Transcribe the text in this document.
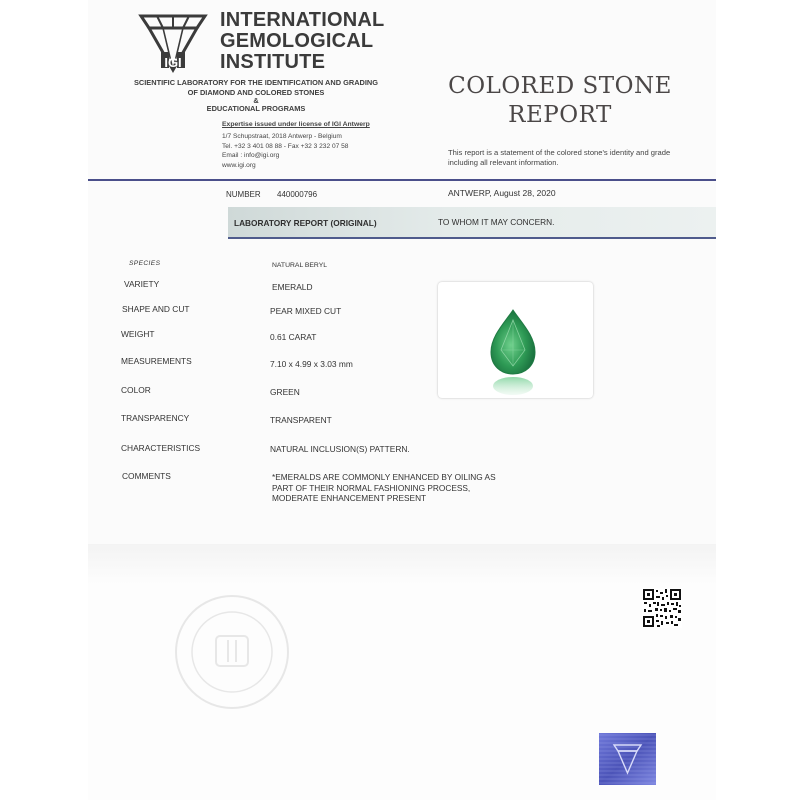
IGI
INTERNATIONAL
GEMOLOGICAL
INSTITUTE
SCIENTIFIC LABORATORY FOR THE IDENTIFICATION AND GRADING
OF DIAMOND AND COLORED STONES
&
EDUCATIONAL PROGRAMS
Expertise issued under license of IGI Antwerp
1/7 Schupstraat, 2018 Antwerp - Belgium
Tel. +32 3 401 08 88 - Fax +32 3 232 07 58
Email : info@igi.org
www.igi.org
COLORED STONE
REPORT
This report is a statement of the colored stone's identity and grade including all relevant information.
NUMBER 440000796	ANTWERP, August 28, 2020
LABORATORY REPORT (ORIGINAL)	TO WHOM IT MAY CONCERN.
SPECIES	NATURAL BERYL
VARIETY	EMERALD
SHAPE AND CUT	PEAR MIXED CUT
WEIGHT	0.61 CARAT
MEASUREMENTS	7.10 x 4.99 x 3.03 mm
COLOR	GREEN
TRANSPARENCY	TRANSPARENT
CHARACTERISTICS	NATURAL INCLUSION(S) PATTERN.
COMMENTS	*EMERALDS ARE COMMONLY ENHANCED BY OILING AS
PART OF THEIR NORMAL FASHIONING PROCESS,
MODERATE ENHANCEMENT PRESENT
